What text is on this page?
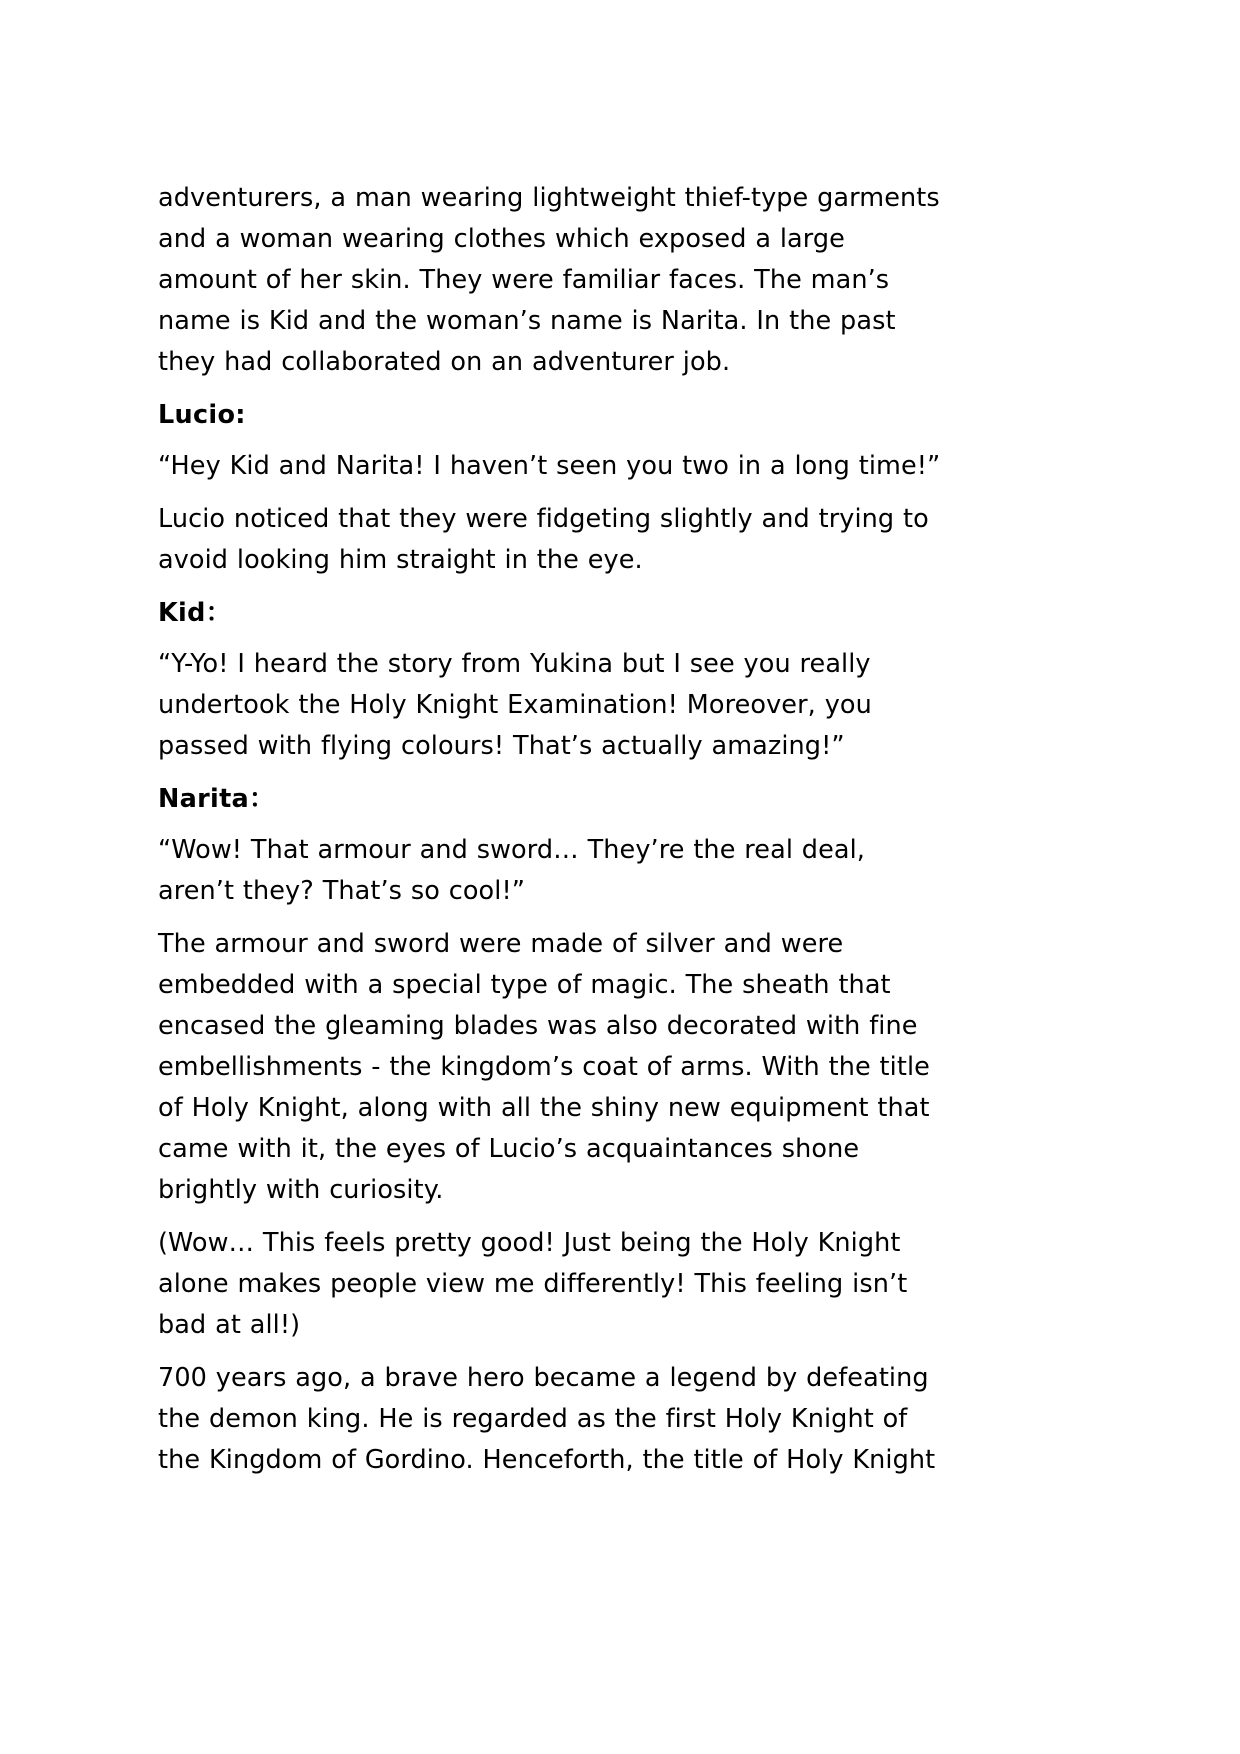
adventurers, a man wearing lightweight thief-type garments and a woman wearing clothes which exposed a large amount of her skin. They were familiar faces. The man’s name is Kid and the woman’s name is Narita. In the past they had collaborated on an adventurer job.

Lucio:

“Hey Kid and Narita! I haven’t seen you two in a long time!”

Lucio noticed that they were fidgeting slightly and trying to avoid looking him straight in the eye.

Kid：

“Y-Yo! I heard the story from Yukina but I see you really undertook the Holy Knight Examination! Moreover, you passed with flying colours! That’s actually amazing!”

Narita：

“Wow! That armour and sword… They’re the real deal, aren’t they? That’s so cool!”

The armour and sword were made of silver and were embedded with a special type of magic. The sheath that encased the gleaming blades was also decorated with fine embellishments - the kingdom’s coat of arms. With the title of Holy Knight, along with all the shiny new equipment that came with it, the eyes of Lucio’s acquaintances shone brightly with curiosity.

(Wow… This feels pretty good! Just being the Holy Knight alone makes people view me differently! This feeling isn’t bad at all!)

700 years ago, a brave hero became a legend by defeating the demon king. He is regarded as the first Holy Knight of the Kingdom of Gordino. Henceforth, the title of Holy Knight
